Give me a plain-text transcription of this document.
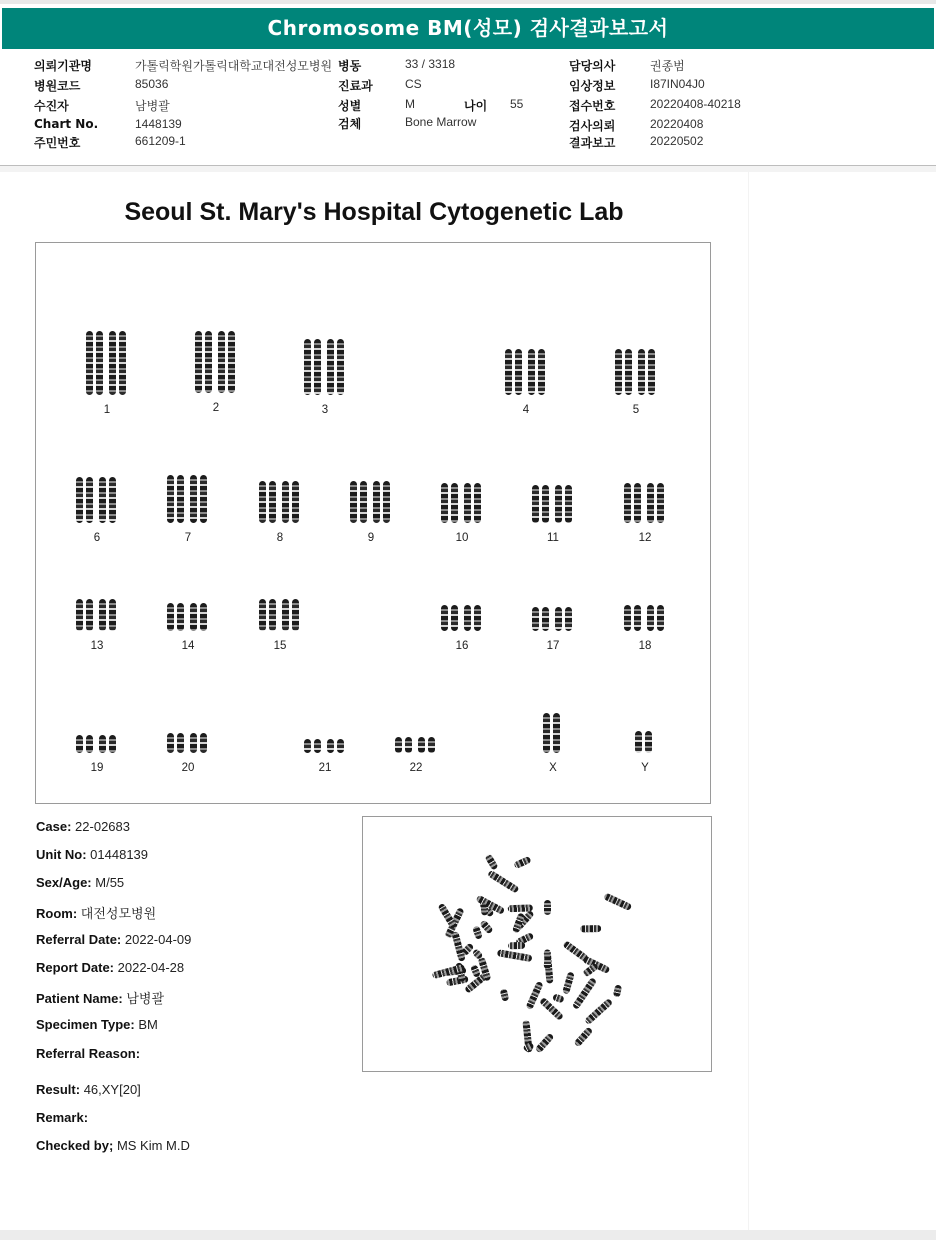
Chromosome BM(성모) 검사결과보고서
의뢰기관명	가톨릭학원가톨릭대학교대전성모병원 병동	33 / 3318	담당의사	권종범
병원코드	85036	진료과	CS	임상정보	I87IN04J0
수진자	남병괄	성별	M	나이 55	접수번호	20220408-40218
Chart No.	1448139	검체	Bone Marrow	검사의뢰	20220408
주민번호	661209-1	결과보고	20220502
Seoul St. Mary's Hospital Cytogenetic Lab
1	2	3	4	5
6	7	8	9	10	11	12
13	14	15	16	17	18
19	20	21	22	X	Y
Case: 22-02683
Unit No: 01448139
Sex/Age: M/55
Room: 대전성모병원
Referral Date: 2022-04-09
Report Date: 2022-04-28
Patient Name: 남병괄
Specimen Type: BM
Referral Reason:
Result: 46,XY[20]
Remark:
Checked by; MS Kim M.D
